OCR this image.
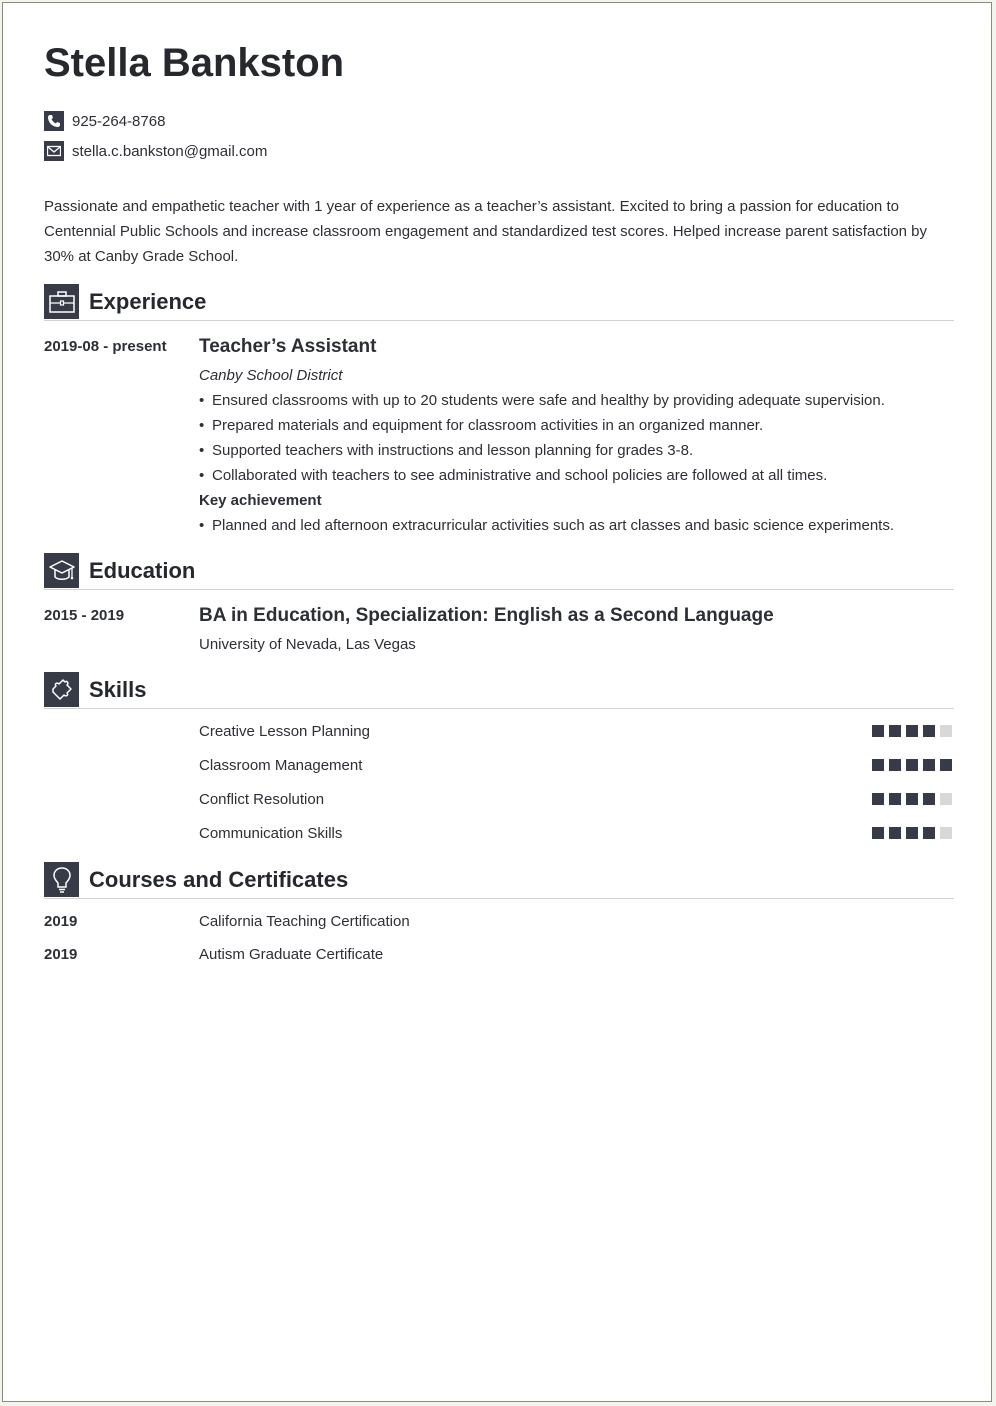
Stella Bankston
925-264-8768
stella.c.bankston@gmail.com

Passionate and empathetic teacher with 1 year of experience as a teacher’s assistant. Excited to bring a passion for education to Centennial Public Schools and increase classroom engagement and standardized test scores. Helped increase parent satisfaction by 30% at Canby Grade School.

Experience
2019-08 - present Teacher’s Assistant
Canby School District
• Ensured classrooms with up to 20 students were safe and healthy by providing adequate supervision.
• Prepared materials and equipment for classroom activities in an organized manner.
• Supported teachers with instructions and lesson planning for grades 3-8.
• Collaborated with teachers to see administrative and school policies are followed at all times.
Key achievement
• Planned and led afternoon extracurricular activities such as art classes and basic science experiments.
Education
2015 - 2019	BA in Education, Specialization: English as a Second Language
University of Nevada, Las Vegas
Skills
Creative Lesson Planning
Classroom Management
Conflict Resolution
Communication Skills
Courses and Certificates
2019	California Teaching Certification
2019	Autism Graduate Certificate
